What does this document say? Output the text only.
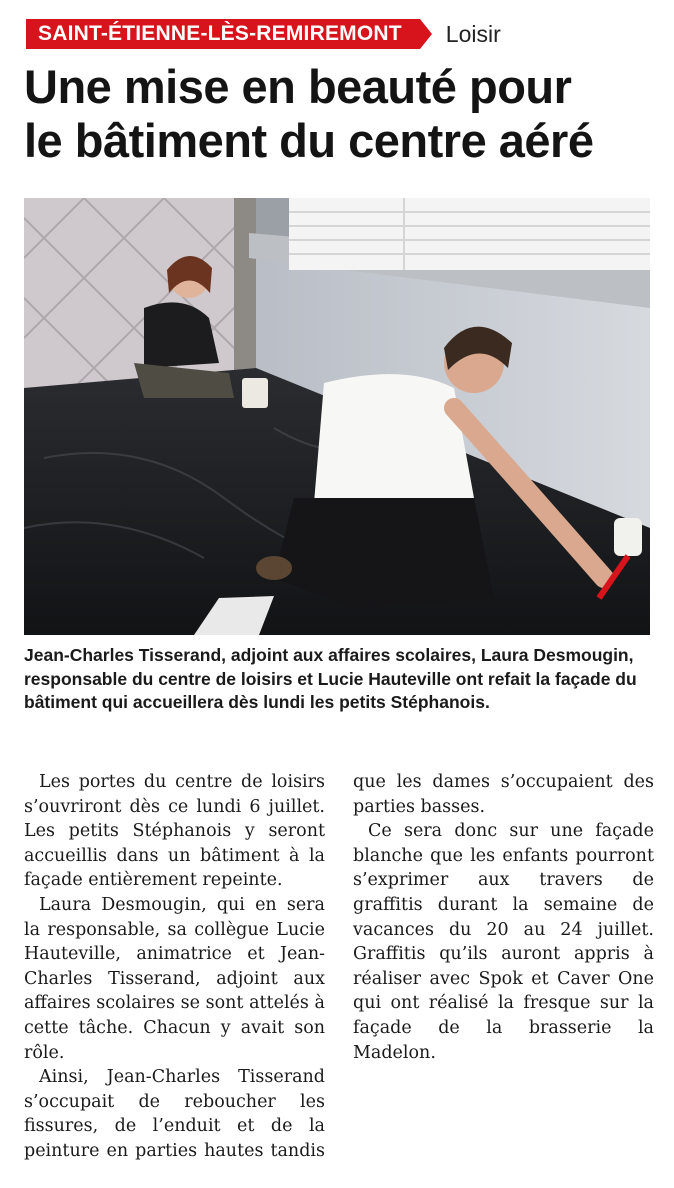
SAINT-ÉTIENNE-LÈS-REMIREMONT	Loisir
Une mise en beauté pour
le bâtiment du centre aéré

Jean-Charles Tisserand, adjoint aux affaires scolaires, Laura Desmougin, responsable du centre de loisirs et Lucie Hauteville ont refait la façade du bâtiment qui accueillera dès lundi les petits Stéphanois.

Les portes du centre de loisirs s’ouvriront dès ce lundi 6 juillet. Les petits Stéphanois y seront accueillis dans un bâtiment à la façade entièrement repeinte.

Laura Desmougin, qui en sera la responsable, sa collègue Lucie Hauteville, animatrice et Jean-Charles Tisserand, adjoint aux affaires scolaires se sont attelés à cette tâche. Chacun y avait son rôle.

Ainsi, Jean-Charles Tisserand s’occupait de reboucher les fissures, de l’enduit et de la peinture en parties hautes tandis que les dames s’occupaient des parties basses.

Ce sera donc sur une façade blanche que les enfants pourront s’exprimer aux travers de graffitis durant la semaine de vacances du 20 au 24 juillet. Graffitis qu’ils auront appris à réaliser avec Spok et Caver One qui ont réalisé la fresque sur la façade de la brasserie la Madelon.
